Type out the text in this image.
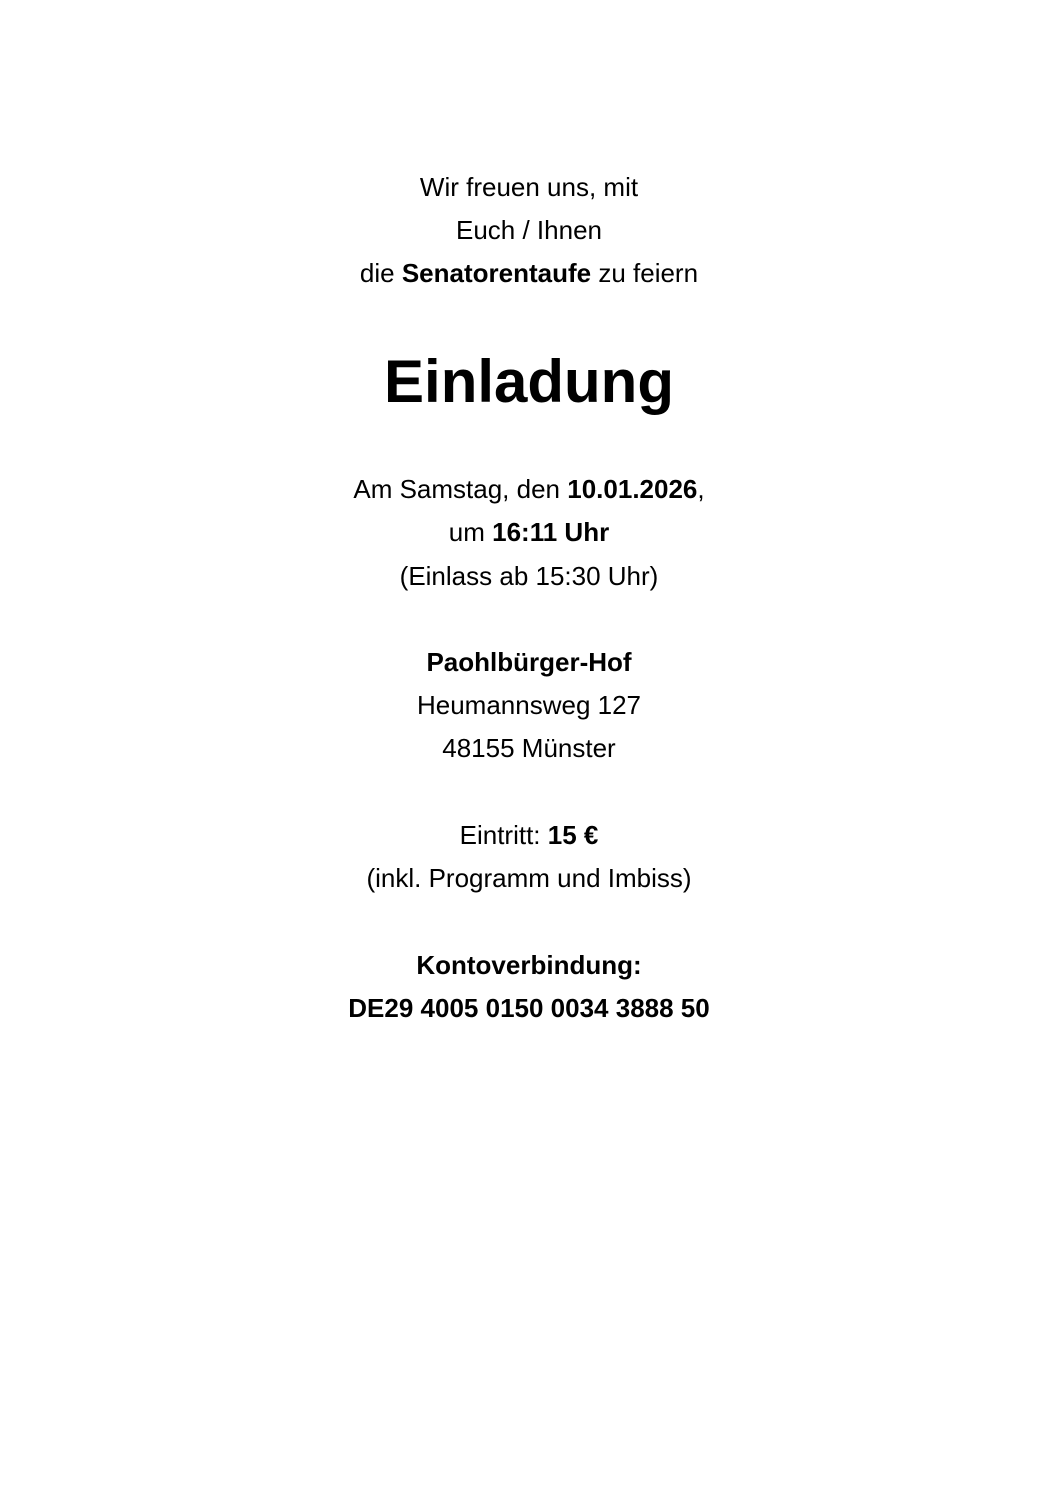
Wir freuen uns, mit
Euch / Ihnen
die Senatorentaufe zu feiern
Einladung
Am Samstag, den 10.01.2026,
um 16:11 Uhr
(Einlass ab 15:30 Uhr)
Paohlbürger-Hof
Heumannsweg 127
48155 Münster
Eintritt: 15 €
(inkl. Programm und Imbiss)
Kontoverbindung:
DE29 4005 0150 0034 3888 50
